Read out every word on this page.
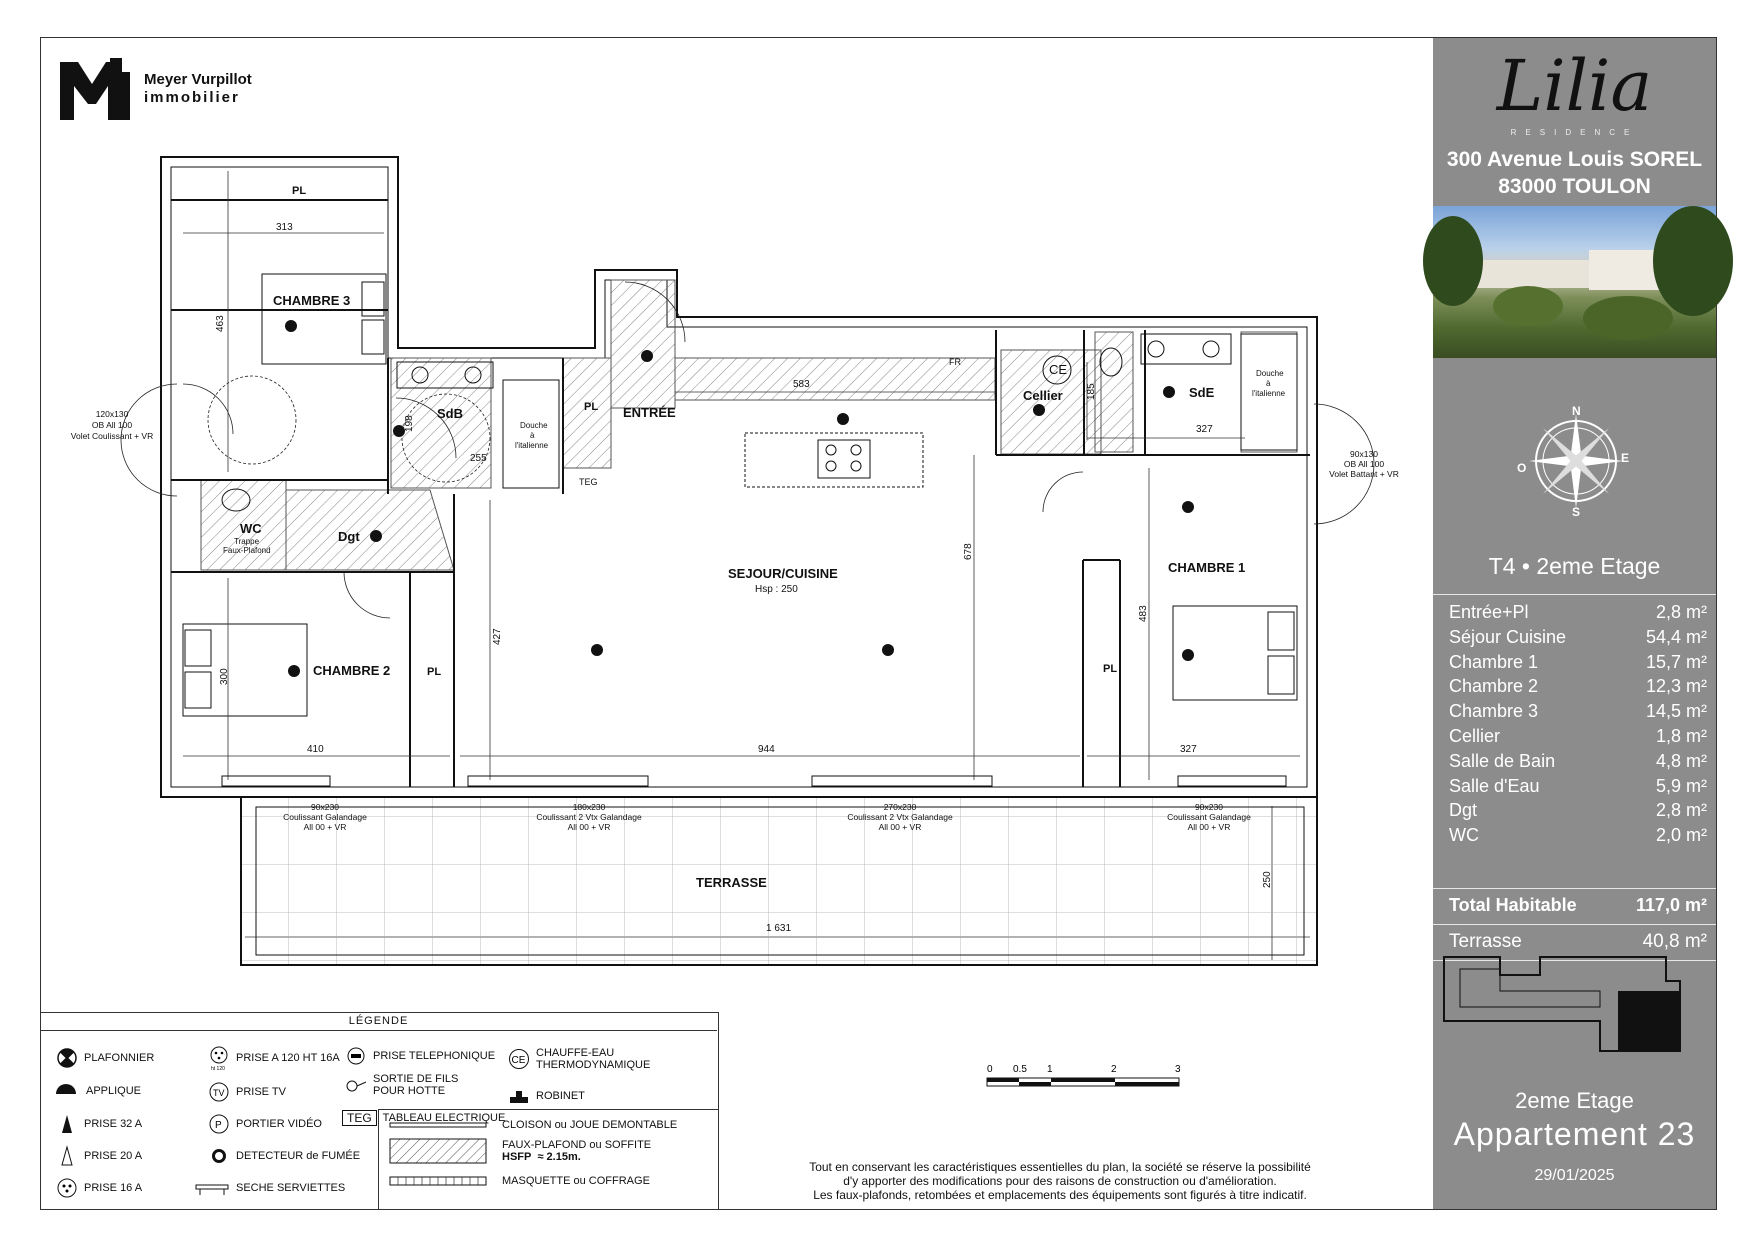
Meyer Vurpillot
immobilier
CHAMBRE 3
SdB	ENTRÉE
PL
WC
Dgt
CHAMBRE 2	PL
SEJOUR/CUISINE
Cellier	SdE
CHAMBRE 1
PL
TERRASSE
PL
Hsp : 250
CE
FR
TEG
Douche
à
l'italienne
Douche
à
l'italienne
Trappe
Faux-Plafond
313
463
198
255
583	185
327
678
427
483
300
410	944	327
250
1 631
120x130
OB All 100
Volet Coulissant + VR
90x130
OB All 100
Volet Battant + VR
90x230
Coulissant Galandage
All 00 + VR
180x230
Coulissant 2 Vtx Galandage
All 00 + VR
270x230
Coulissant 2 Vtx Galandage
All 00 + VR
90x230
Coulissant Galandage
All 00 + VR
Lilia
RESIDENCE
300 Avenue Louis SOREL
83000 TOULON
N
E
S
O
T4 • 2eme Etage
Entrée+Pl	2,8 m²
Séjour Cuisine	54,4 m²
Chambre 1	15,7 m²
Chambre 2	12,3 m²
Chambre 3	14,5 m²
Cellier	1,8 m²
Salle de Bain	4,8 m²
Salle d'Eau	5,9 m²
Dgt	2,8 m²
WC	2,0 m²
Total Habitable	117,0 m²
Terrasse	40,8 m²
2eme Etage
Appartement 23
29/01/2025
LÉGENDE
PLAFONNIER
APPLIQUE
PRISE 32 A
PRISE 20 A
PRISE 16 A
ht 120
PRISE A 120 HT 16A
TV PRISE TV
P PORTIER VIDÉO
DETECTEUR de FUMÉE
SECHE SERVIETTES
PRISE TELEPHONIQUE
SORTIE DE FILS
POUR HOTTE
TEG	TABLEAU ELECTRIQUE
CE
CHAUFFE-EAU
THERMODYNAMIQUE
ROBINET
CLOISON ou JOUE DEMONTABLE
FAUX-PLAFOND ou SOFFITE
HSFP ≈ 2.15m.
MASQUETTE ou COFFRAGE
0 0.5 1	2	3
Tout en conservant les caractéristiques essentielles du plan, la société se réserve la possibilité
d'y apporter des modifications pour des raisons de construction ou d'amélioration.
Les faux-plafonds, retombées et emplacements des équipements sont figurés à titre indicatif.
